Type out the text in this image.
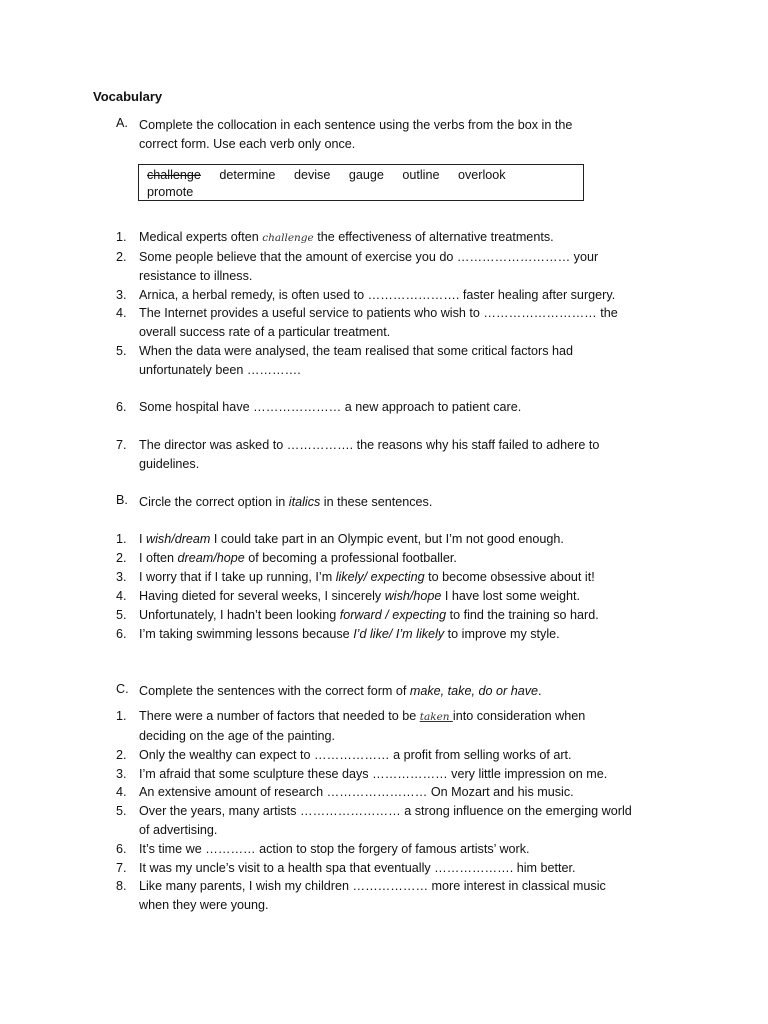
Vocabulary
A. Complete the collocation in each sentence using the verbs from the box in the
correct form. Use each verb only once.
challenge determine devise gauge outline overlook
promote
1. Medical experts often challenge the effectiveness of alternative treatments.
2. Some people believe that the amount of exercise you do ……………………… your
resistance to illness.
3. Arnica, a herbal remedy, is often used to …………………. faster healing after surgery.
4. The Internet provides a useful service to patients who wish to ……………………… the
overall success rate of a particular treatment.
5. When the data were analysed, the team realised that some critical factors had
unfortunately been ………….
6. Some hospital have ………………… a new approach to patient care.
7. The director was asked to ……………. the reasons why his staff failed to adhere to
guidelines.
B. Circle the correct option in italics in these sentences.
1. I wish/dream I could take part in an Olympic event, but I’m not good enough.
2. I often dream/hope of becoming a professional footballer.
3. I worry that if I take up running, I’m likely/ expecting to become obsessive about it!
4. Having dieted for several weeks, I sincerely wish/hope I have lost some weight.
5. Unfortunately, I hadn’t been looking forward / expecting to find the training so hard.
6. I’m taking swimming lessons because I’d like/ I’m likely to improve my style.
C. Complete the sentences with the correct form of make, take, do or have.
1. There were a number of factors that needed to be taken into consideration when
deciding on the age of the painting.
2. Only the wealthy can expect to ……………… a profit from selling works of art.
3. I’m afraid that some sculpture these days ……………… very little impression on me.
4. An extensive amount of research …………………… On Mozart and his music.
5. Over the years, many artists …………………… a strong influence on the emerging world
of advertising.
6. It’s time we ………… action to stop the forgery of famous artists’ work.
7. It was my uncle’s visit to a health spa that eventually ………………. him better.
8. Like many parents, I wish my children ……………… more interest in classical music
when they were young.
